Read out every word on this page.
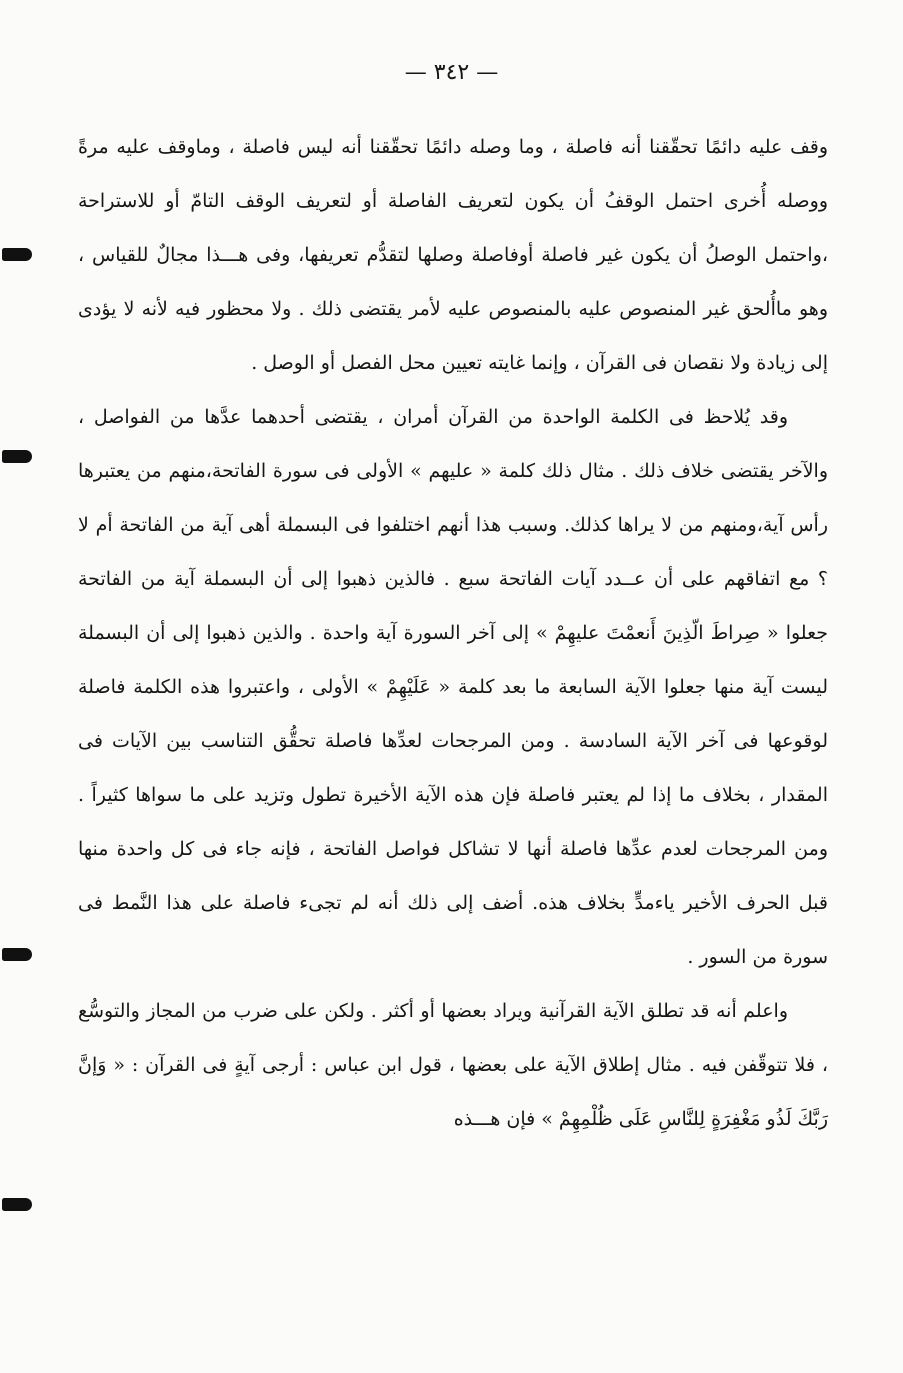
— ٣٤٢ —

وقف عليه دائمًا تحقّقنا أنه فاصلة ، وما وصله دائمًا تحقّقنا أنه ليس فاصلة ، وماوقف عليه مرةً ووصله أُخرى احتمل الوقفُ أن يكون لتعريف الفاصلة أو لتعريف الوقف التامّ أو للاستراحة ،واحتمل الوصلُ أن يكون غير فاصلة أوفاصلة وصلها لتقدُّم تعريفها، وفى هـــذا مجالٌ للقياس ، وهو ماأُلحق غير المنصوص عليه بالمنصوص عليه لأمر يقتضى ذلك . ولا محظور فيه لأنه لا يؤدى إلى زيادة ولا نقصان فى القرآن ، وإنما غايته تعيين محل الفصل أو الوصل .

وقد يُلاحظ فى الكلمة الواحدة من القرآن أمران ، يقتضى أحدهما عدَّها من الفواصل ، والآخر يقتضى خلاف ذلك . مثال ذلك كلمة « عليهم » الأولى فى سورة الفاتحة،منهم من يعتبرها رأس آية،ومنهم من لا يراها كذلك. وسبب هذا أنهم اختلفوا فى البسملة أهى آية من الفاتحة أم لا ؟ مع اتفاقهم على أن عــدد آيات الفاتحة سبع . فالذين ذهبوا إلى أن البسملة آية من الفاتحة جعلوا « صِراطَ الّذِينَ أَنعمْتَ عليهِمْ » إلى آخر السورة آية واحدة . والذين ذهبوا إلى أن البسملة ليست آية منها جعلوا الآية السابعة ما بعد كلمة « عَلَيْهِمْ » الأولى ، واعتبروا هذه الكلمة فاصلة لوقوعها فى آخر الآية السادسة . ومن المرجحات لعدِّها فاصلة تحقُّق التناسب بين الآيات فى المقدار ، بخلاف ما إذا لم يعتبر فاصلة فإن هذه الآية الأخيرة تطول وتزيد على ما سواها كثيراً . ومن المرجحات لعدم عدِّها فاصلة أنها لا تشاكل فواصل الفاتحة ، فإنه جاء فى كل واحدة منها قبل الحرف الأخير ياءمدٍّ بخلاف هذه. أضف إلى ذلك أنه لم تجىء فاصلة على هذا النَّمط فى سورة من السور .

واعلم أنه قد تطلق الآية القرآنية ويراد بعضها أو أكثر . ولكن على ضرب من المجاز والتوسُّع ، فلا تتوقّفن فيه . مثال إطلاق الآية على بعضها ، قول ابن عباس : أرجى آيةٍ فى القرآن : « وَإنَّ رَبَّكَ لَذُو مَغْفِرَةٍ لِلنَّاسِ عَلَى ظُلْمِهِمْ » فإن هـــذه
